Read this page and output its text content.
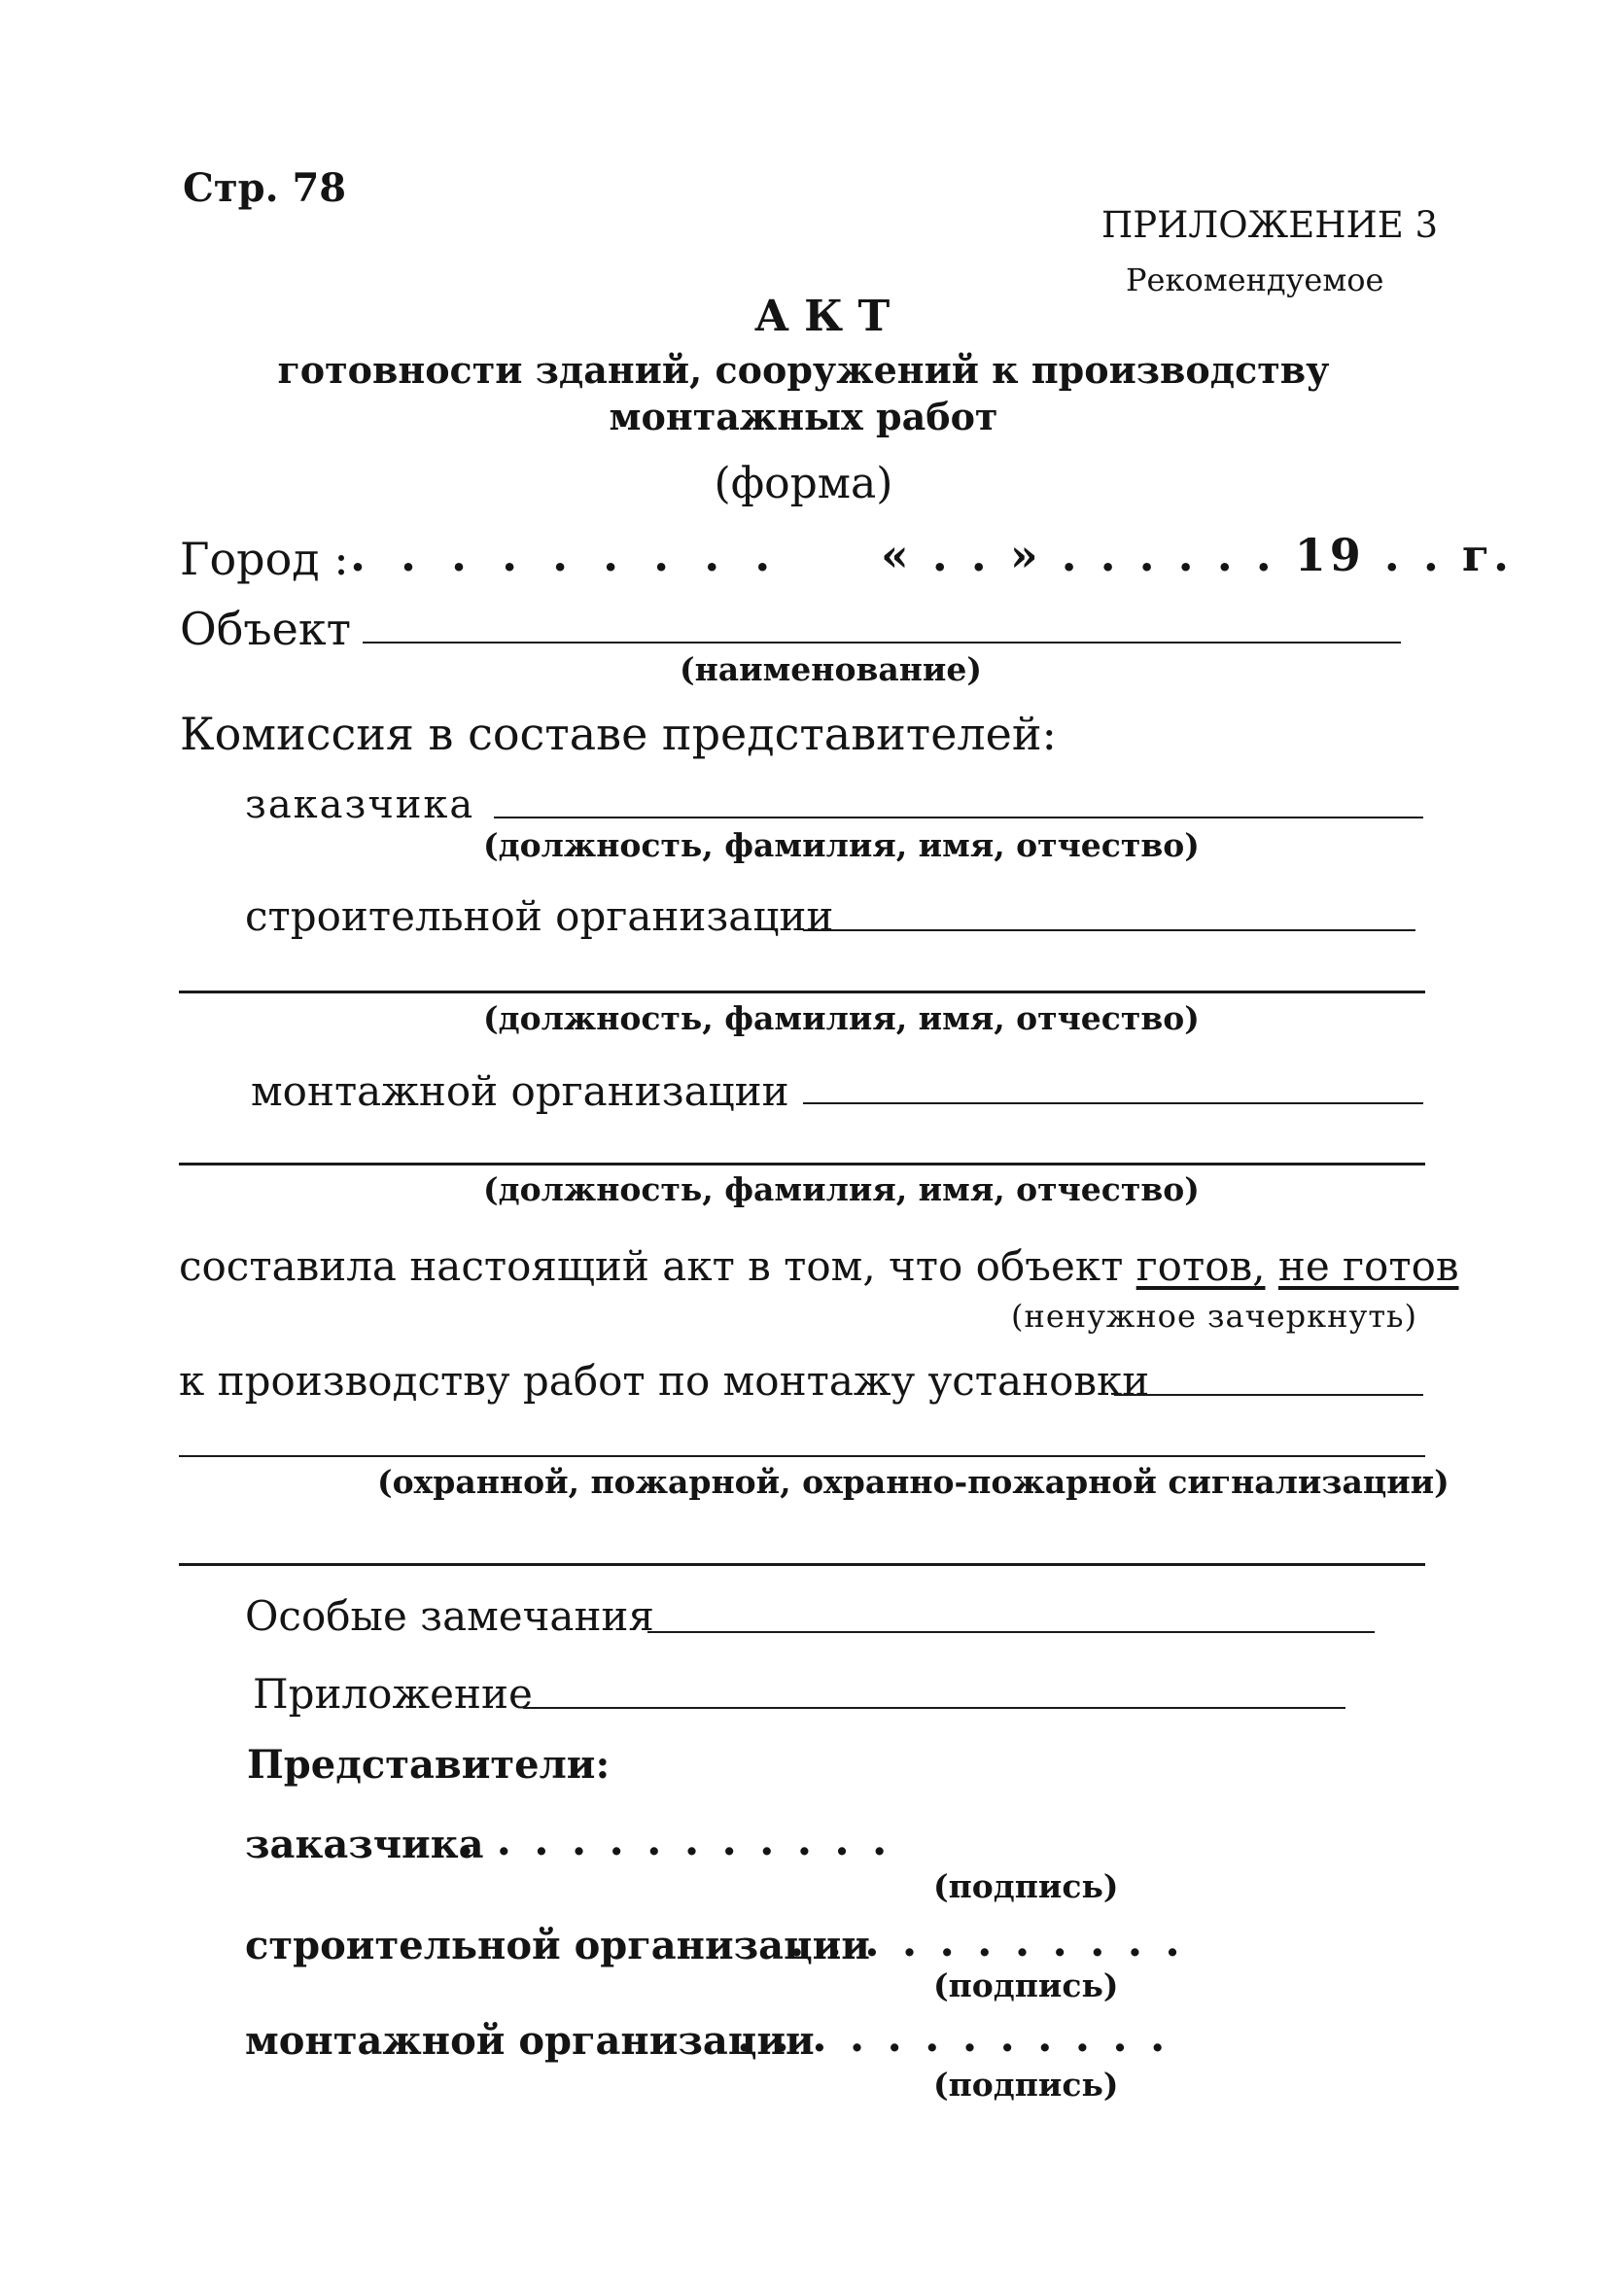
Стр. 78
ПРИЛОЖЕНИЕ 3
Рекомендуемое
А К Т
готовности зданий, сооружений к производству
монтажных работ
(форма)
Город : . . . . . . . . . « . . » . . . . . . 19 . . г.
Объект
(наименование)
Комиссия в составе представителей:
заказчика
(должность, фамилия, имя, отчество)
строительной организации
(должность, фамилия, имя, отчество)
монтажной организации
(должность, фамилия, имя, отчество)
составила настоящий акт в том, что объект готов, не готов
(ненужное зачеркнуть)
к производству работ по монтажу установки
(охранной, пожарной, охранно-пожарной сигнализации)
Особые замечания
Приложение
Представители:
заказчика
. . . . . . . . . . . .
(подпись)
строительной организации
. . . . . . . . . . .
(подпись)
монтажной организации
. . . . . . . . . . . .
(подпись)
